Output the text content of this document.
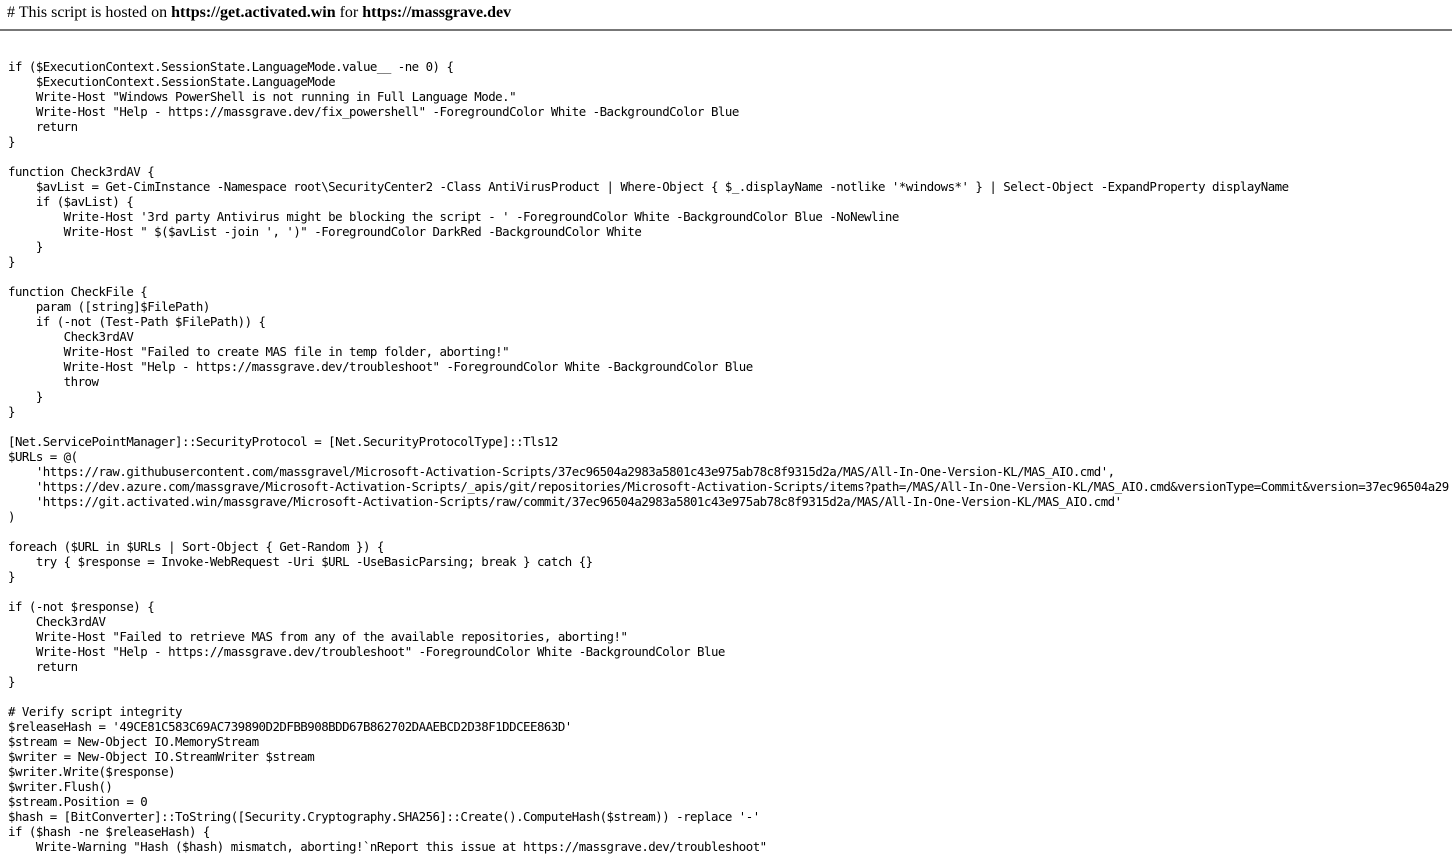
# This script is hosted on https://get.activated.win for https://massgrave.dev
if ($ExecutionContext.SessionState.LanguageMode.value__ -ne 0) {
$ExecutionContext.SessionState.LanguageMode
Write-Host "Windows PowerShell is not running in Full Language Mode."
Write-Host "Help - https://massgrave.dev/fix_powershell" -ForegroundColor White -BackgroundColor Blue
return
}
function Check3rdAV {
$avList = Get-CimInstance -Namespace root\SecurityCenter2 -Class AntiVirusProduct | Where-Object { $_.displayName -notlike '*windows*' } | Select-Object -ExpandProperty displayName
if ($avList) {
Write-Host '3rd party Antivirus might be blocking the script - ' -ForegroundColor White -BackgroundColor Blue -NoNewline
Write-Host " $($avList -join ', ')" -ForegroundColor DarkRed -BackgroundColor White
}
}
function CheckFile {
param ([string]$FilePath)
if (-not (Test-Path $FilePath)) {
Check3rdAV
Write-Host "Failed to create MAS file in temp folder, aborting!"
Write-Host "Help - https://massgrave.dev/troubleshoot" -ForegroundColor White -BackgroundColor Blue
throw
}
}
[Net.ServicePointManager]::SecurityProtocol = [Net.SecurityProtocolType]::Tls12
$URLs = @(
'https://raw.githubusercontent.com/massgravel/Microsoft-Activation-Scripts/37ec96504a2983a5801c43e975ab78c8f9315d2a/MAS/All-In-One-Version-KL/MAS_AIO.cmd',
'https://dev.azure.com/massgrave/Microsoft-Activation-Scripts/_apis/git/repositories/Microsoft-Activation-Scripts/items?path=/MAS/All-In-One-Version-KL/MAS_AIO.cmd&versionType=Commit&version=37ec96504a29
'https://git.activated.win/massgrave/Microsoft-Activation-Scripts/raw/commit/37ec96504a2983a5801c43e975ab78c8f9315d2a/MAS/All-In-One-Version-KL/MAS_AIO.cmd'
)
foreach ($URL in $URLs | Sort-Object { Get-Random }) {
try { $response = Invoke-WebRequest -Uri $URL -UseBasicParsing; break } catch {}
}
if (-not $response) {
Check3rdAV
Write-Host "Failed to retrieve MAS from any of the available repositories, aborting!"
Write-Host "Help - https://massgrave.dev/troubleshoot" -ForegroundColor White -BackgroundColor Blue
return
}
# Verify script integrity
$releaseHash = '49CE81C583C69AC739890D2DFBB908BDD67B862702DAAEBCD2D38F1DDCEE863D'
$stream = New-Object IO.MemoryStream
$writer = New-Object IO.StreamWriter $stream
$writer.Write($response)
$writer.Flush()
$stream.Position = 0
$hash = [BitConverter]::ToString([Security.Cryptography.SHA256]::Create().ComputeHash($stream)) -replace '-'
if ($hash -ne $releaseHash) {
Write-Warning "Hash ($hash) mismatch, aborting!`nReport this issue at https://massgrave.dev/troubleshoot"
